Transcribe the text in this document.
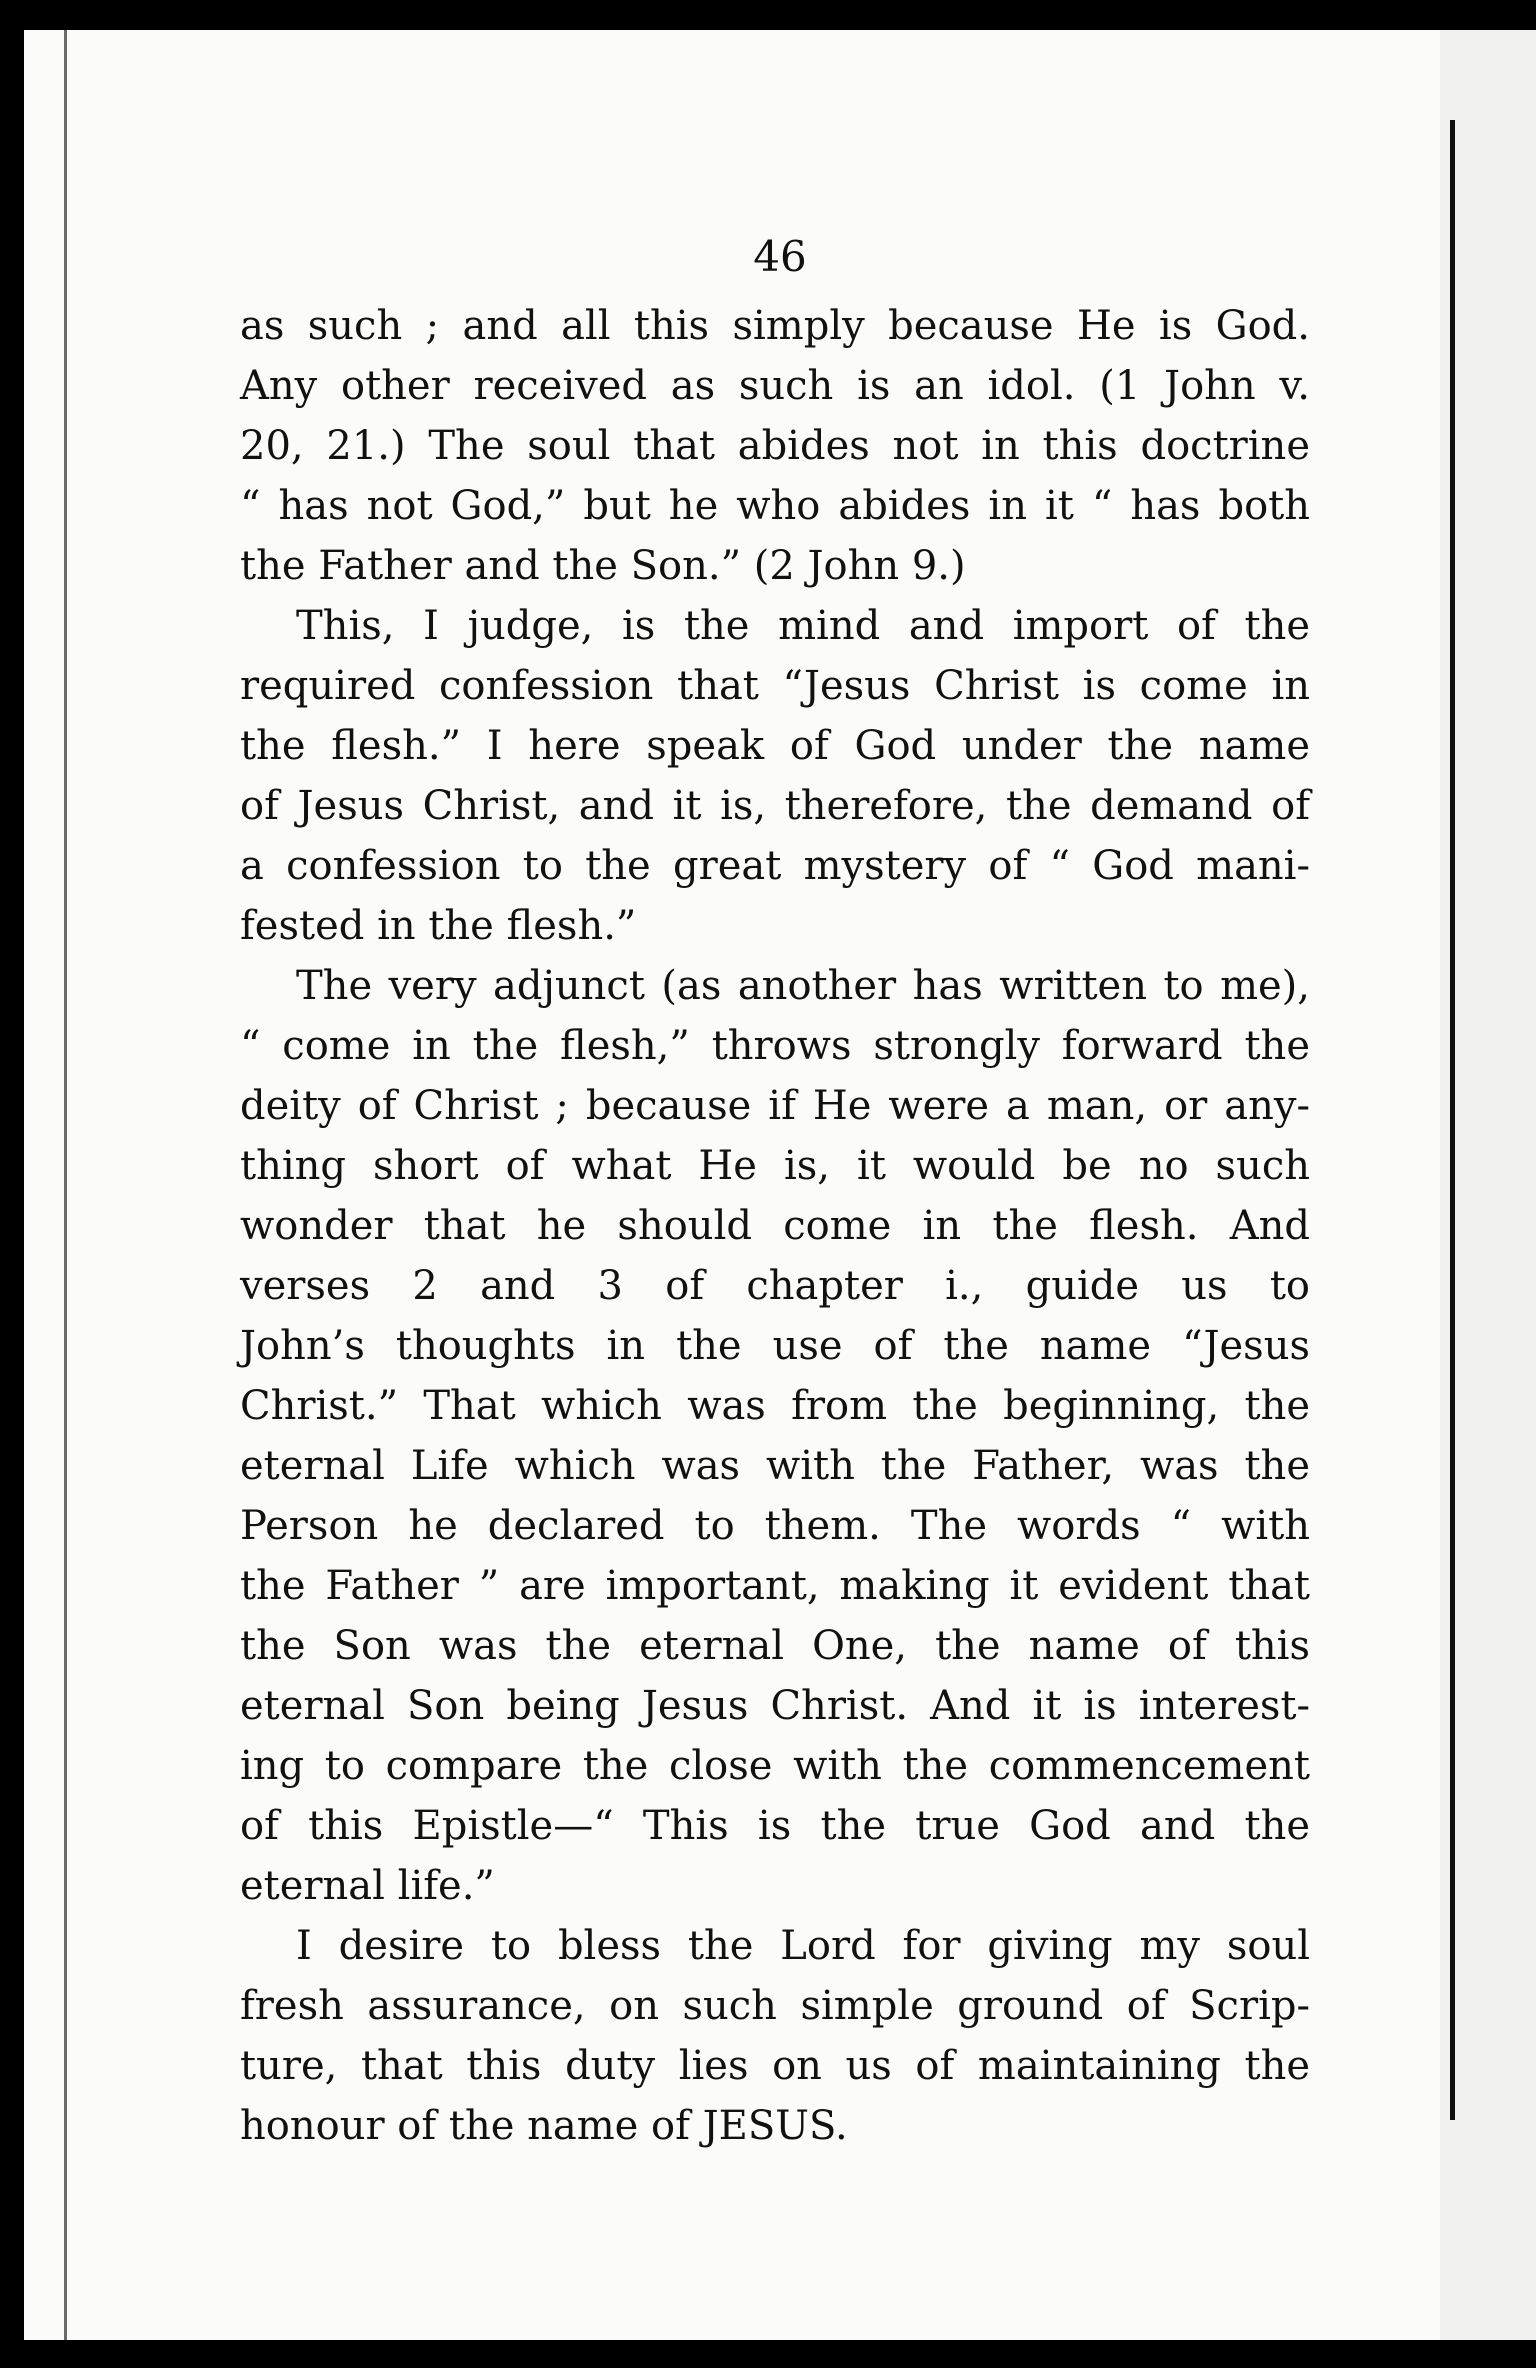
46
as such ; and all this simply because He is God.
Any other received as such is an idol. (1 John v.
20, 21.) The soul that abides not in this doctrine
“ has not God,” but he who abides in it “ has both
the Father and the Son.” (2 John 9.)
This, I judge, is the mind and import of the
required confession that “Jesus Christ is come in
the flesh.” I here speak of God under the name
of Jesus Christ, and it is, therefore, the demand of
a confession to the great mystery of “ God mani-
fested in the flesh.”
The very adjunct (as another has written to me),
“ come in the flesh,” throws strongly forward the
deity of Christ ; because if He were a man, or any-
thing short of what He is, it would be no such
wonder that he should come in the flesh. And
verses 2 and 3 of chapter i., guide us to
John’s thoughts in the use of the name “Jesus
Christ.” That which was from the beginning, the
eternal Life which was with the Father, was the
Person he declared to them. The words “ with
the Father ” are important, making it evident that
the Son was the eternal One, the name of this
eternal Son being Jesus Christ. And it is interest-
ing to compare the close with the commencement
of this Epistle—“ This is the true God and the
eternal life.”
I desire to bless the Lord for giving my soul
fresh assurance, on such simple ground of Scrip-
ture, that this duty lies on us of maintaining the
honour of the name of JESUS.
